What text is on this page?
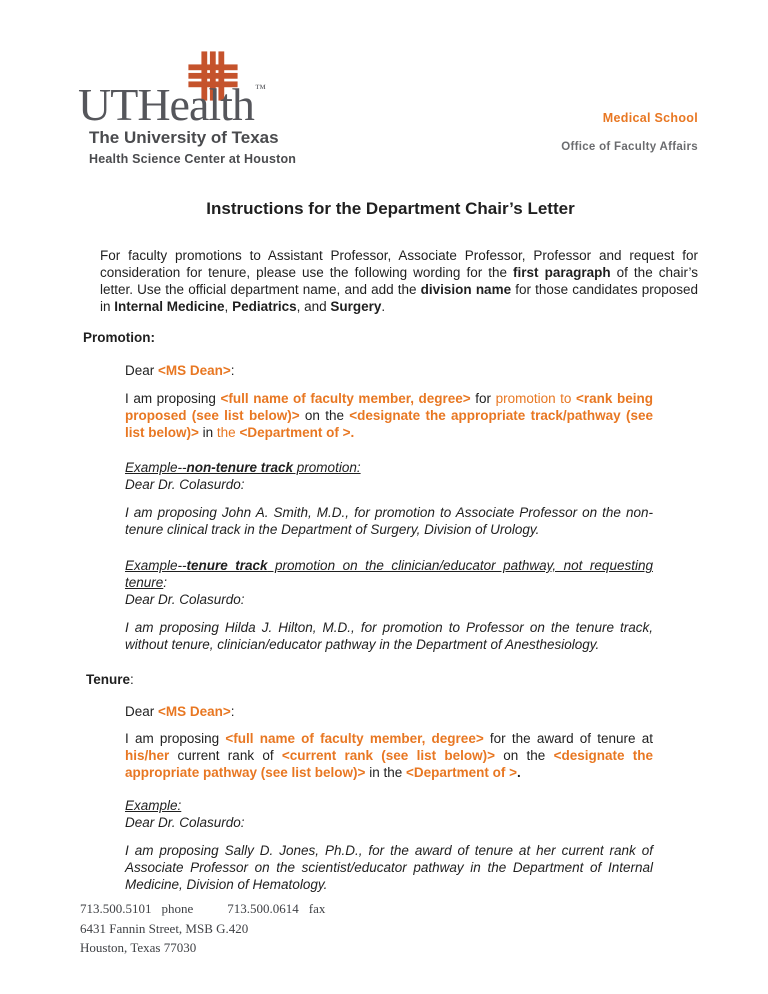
UTHealth™
The University of Texas
Health Science Center at Houston
Medical School
Office of Faculty Affairs
Instructions for the Department Chair’s Letter

For faculty promotions to Assistant Professor, Associate Professor, Professor and request for consideration for tenure, please use the following wording for the first paragraph of the chair’s letter. Use the official department name, and add the division name for those candidates proposed in Internal Medicine, Pediatrics, and Surgery.

Promotion:

Dear <MS Dean>:

I am proposing <full name of faculty member, degree> for promotion to <rank being proposed (see list below)> on the <designate the appropriate track/pathway (see list below)> in the <Department of >.

Example--non-tenure track promotion:

Dear Dr. Colasurdo:

I am proposing John A. Smith, M.D., for promotion to Associate Professor on the non-tenure clinical track in the Department of Surgery, Division of Urology.

Example--tenure track promotion on the clinician/educator pathway, not requesting tenure:

Dear Dr. Colasurdo:

I am proposing Hilda J. Hilton, M.D., for promotion to Professor on the tenure track, without tenure, clinician/educator pathway in the Department of Anesthesiology.

Tenure:

Dear <MS Dean>:

I am proposing <full name of faculty member, degree> for the award of tenure at his/her current rank of <current rank (see list below)> on the <designate the appropriate pathway (see list below)> in the <Department of >.

Example:

Dear Dr. Colasurdo:

I am proposing Sally D. Jones, Ph.D., for the award of tenure at her current rank of Associate Professor on the scientist/educator pathway in the Department of Internal Medicine, Division of Hematology.

713.500.5101 phone	713.500.0614 fax
6431 Fannin Street, MSB G.420
Houston, Texas 77030
